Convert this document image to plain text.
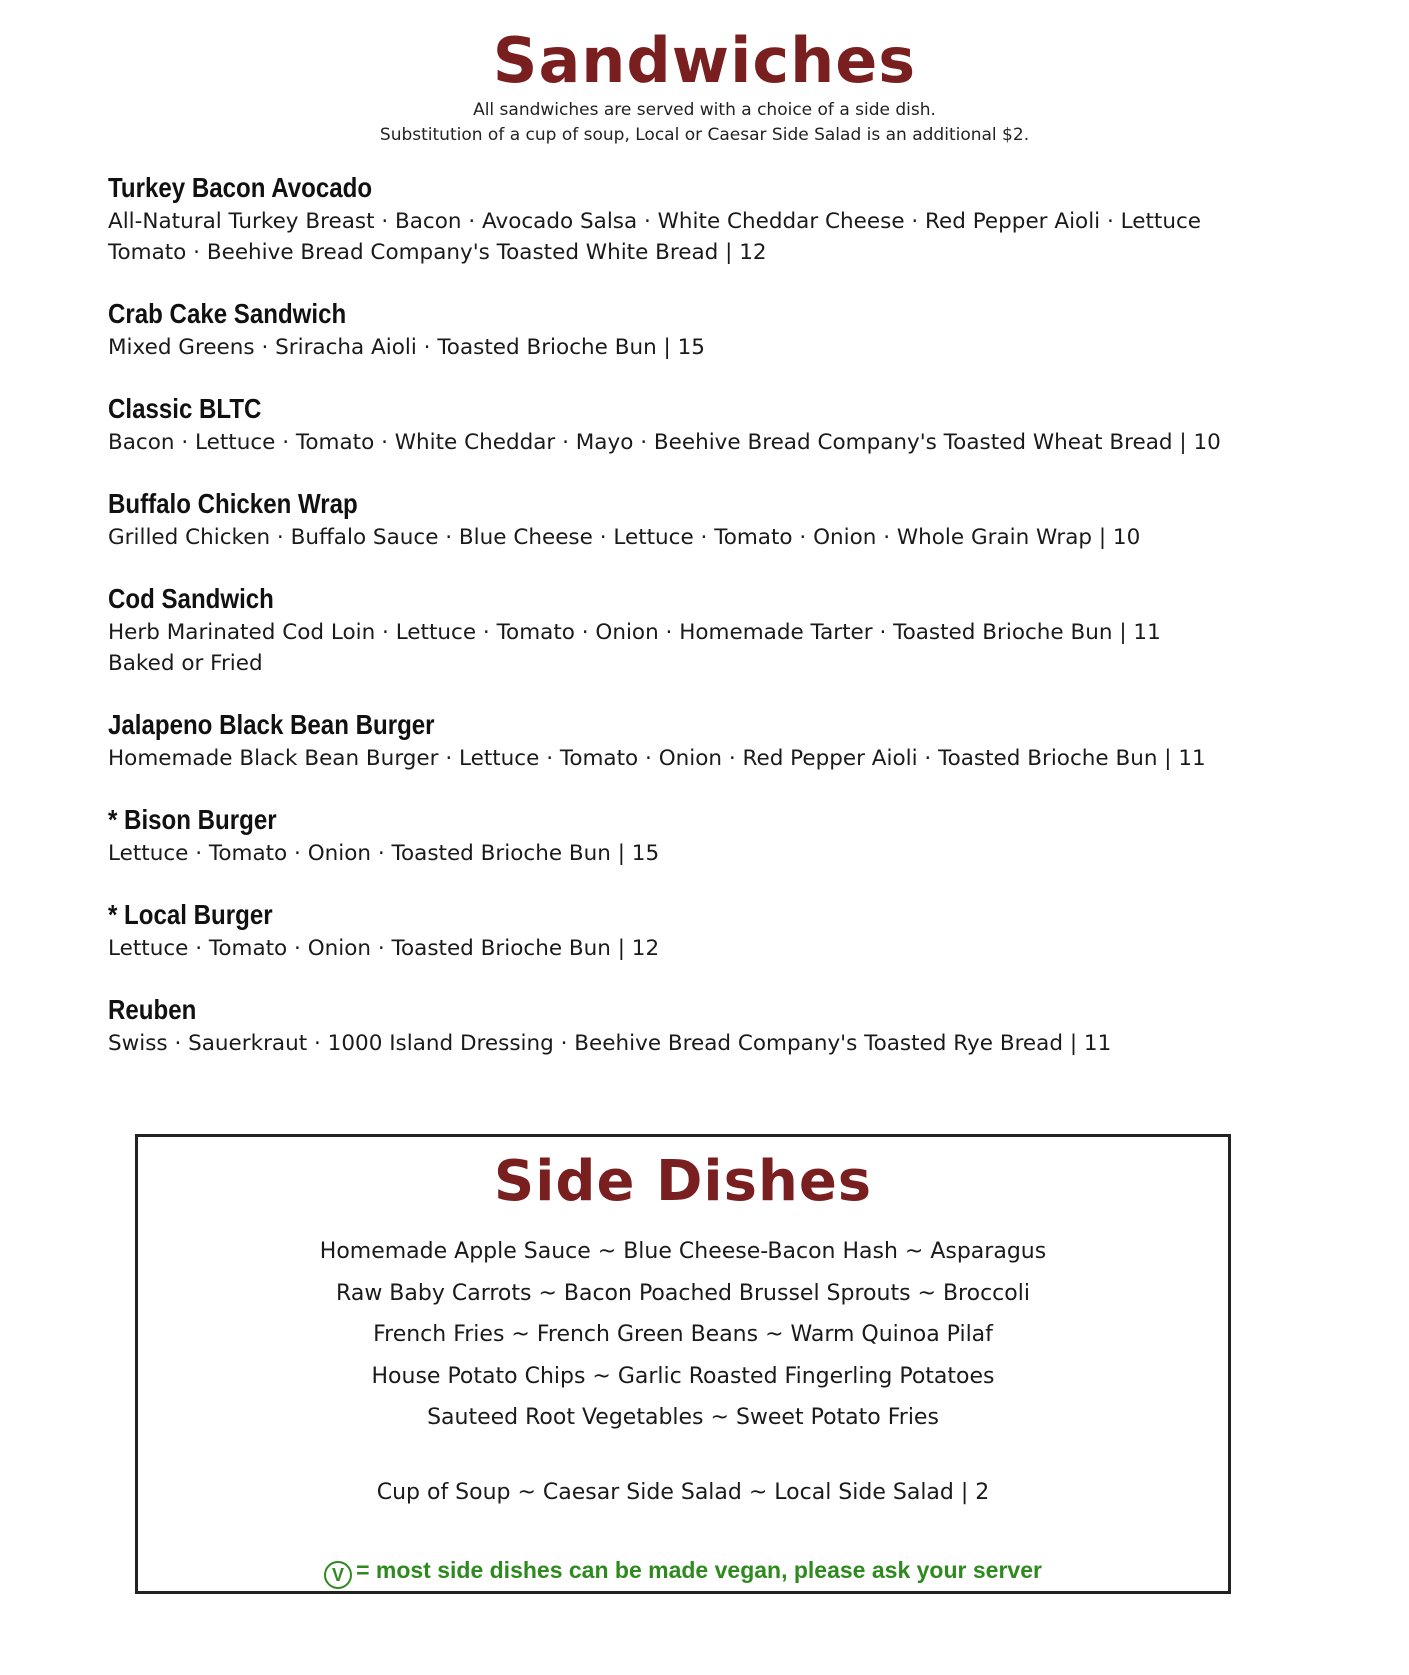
Sandwiches
All sandwiches are served with a choice of a side dish.
Substitution of a cup of soup, Local or Caesar Side Salad is an additional $2.
Turkey Bacon Avocado
All-Natural Turkey Breast · Bacon · Avocado Salsa · White Cheddar Cheese · Red Pepper Aioli · Lettuce
Tomato · Beehive Bread Company's Toasted White Bread | 12
Crab Cake Sandwich
Mixed Greens · Sriracha Aioli · Toasted Brioche Bun | 15
Classic BLTC
Bacon · Lettuce · Tomato · White Cheddar · Mayo · Beehive Bread Company's Toasted Wheat Bread | 10
Buffalo Chicken Wrap
Grilled Chicken · Buffalo Sauce · Blue Cheese · Lettuce · Tomato · Onion · Whole Grain Wrap | 10
Cod Sandwich
Herb Marinated Cod Loin · Lettuce · Tomato · Onion · Homemade Tarter · Toasted Brioche Bun | 11
Baked or Fried
Jalapeno Black Bean Burger
Homemade Black Bean Burger · Lettuce · Tomato · Onion · Red Pepper Aioli · Toasted Brioche Bun | 11
* Bison Burger
Lettuce · Tomato · Onion · Toasted Brioche Bun | 15
* Local Burger
Lettuce · Tomato · Onion · Toasted Brioche Bun | 12
Reuben
Swiss · Sauerkraut · 1000 Island Dressing · Beehive Bread Company's Toasted Rye Bread | 11
Side Dishes
Homemade Apple Sauce ~ Blue Cheese-Bacon Hash ~ Asparagus
Raw Baby Carrots ~ Bacon Poached Brussel Sprouts ~ Broccoli
French Fries ~ French Green Beans ~ Warm Quinoa Pilaf
House Potato Chips ~ Garlic Roasted Fingerling Potatoes
Sauteed Root Vegetables ~ Sweet Potato Fries
Cup of Soup ~ Caesar Side Salad ~ Local Side Salad | 2
V = most side dishes can be made vegan, please ask your server
